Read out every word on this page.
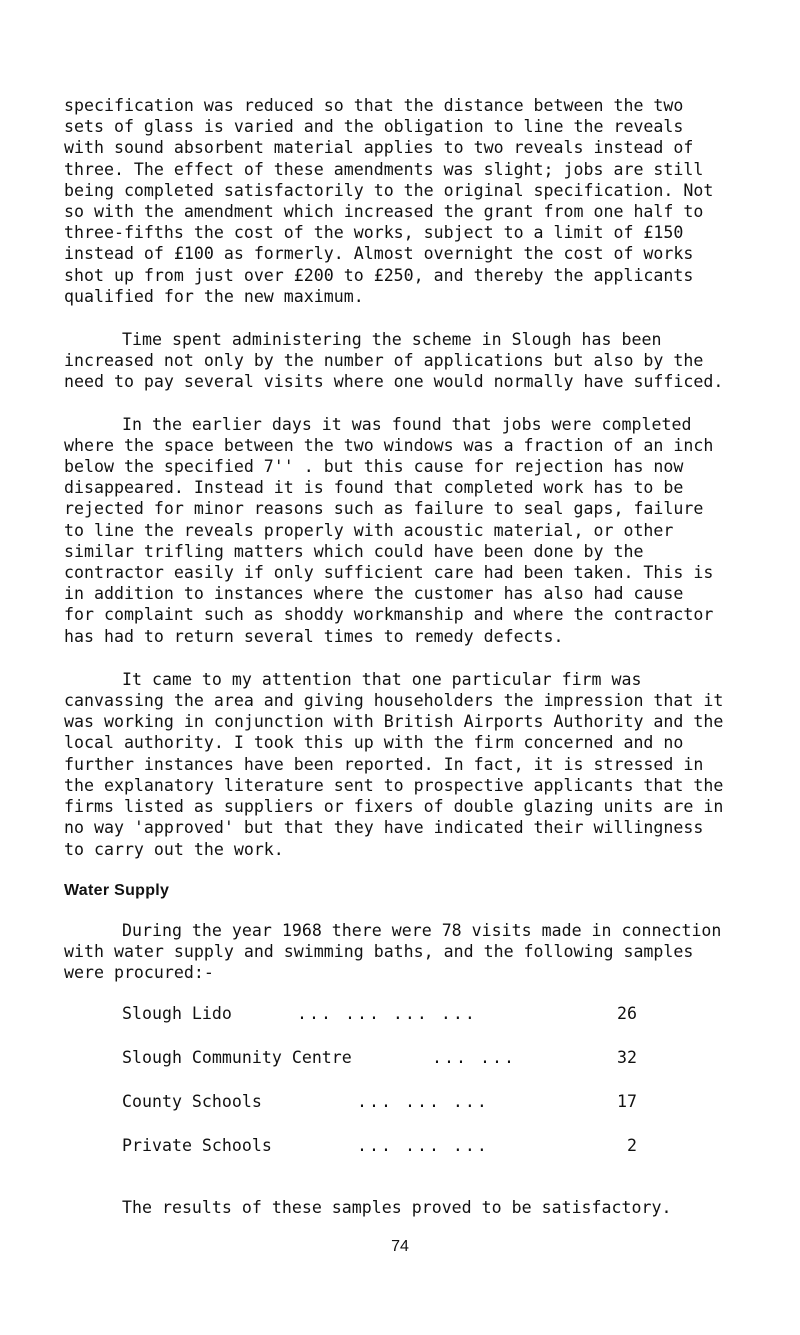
specification was reduced so that the distance between the two
sets of glass is varied and the obligation to line the reveals
with sound absorbent material applies to two reveals instead of
three. The effect of these amendments was slight; jobs are still
being completed satisfactorily to the original specification. Not
so with the amendment which increased the grant from one half to
three-fifths the cost of the works, subject to a limit of £150
instead of £100 as formerly. Almost overnight the cost of works
shot up from just over £200 to £250, and thereby the applicants
qualified for the new maximum.

Time spent administering the scheme in Slough has been
increased not only by the number of applications but also by the
need to pay several visits where one would normally have sufficed.

In the earlier days it was found that jobs were completed
where the space between the two windows was a fraction of an inch
below the specified 7'' . but this cause for rejection has now
disappeared. Instead it is found that completed work has to be
rejected for minor reasons such as failure to seal gaps, failure
to line the reveals properly with acoustic material, or other
similar trifling matters which could have been done by the
contractor easily if only sufficient care had been taken. This is
in addition to instances where the customer has also had cause
for complaint such as shoddy workmanship and where the contractor
has had to return several times to remedy defects.

It came to my attention that one particular firm was
canvassing the area and giving householders the impression that it
was working in conjunction with British Airports Authority and the
local authority. I took this up with the firm concerned and no
further instances have been reported. In fact, it is stressed in
the explanatory literature sent to prospective applicants that the
firms listed as suppliers or fixers of double glazing units are in
no way 'approved' but that they have indicated their willingness
to carry out the work.

Water Supply

During the year 1968 there were 78 visits made in connection
with water supply and swimming baths, and the following samples
were procured:-

Slough Lido	... ... ... ...	26
Slough Community Centre	... ...	32
County Schools	... ... ...	17
Private Schools	... ... ...	2

The results of these samples proved to be satisfactory.

74
